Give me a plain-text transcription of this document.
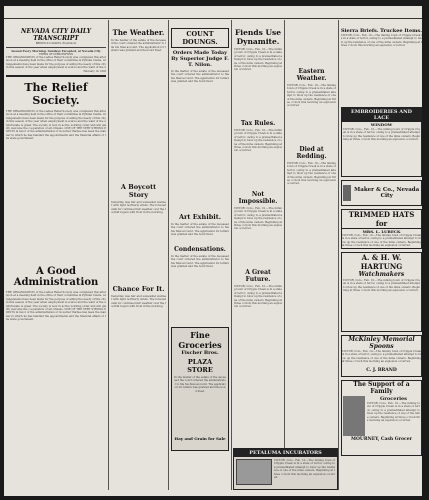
NEVADA CITY DAILY TRANSCRIPT
BROWN & CALKINS, Proprietors
Issued Every Morning, Sundays Excepted, at Nevada City
TERMS OF SUBSCRIPTION
THE ORGANIZATION of the Ladies Relief Society was completed this afternoon at a meeting held in the office of their committee in Pythian Castle. Arrangements have been made for the purpose of aiding the needy of this city in this season of the year when employment is scarce and the want of the u
February 10, 1903
The Relief Society.
THE ORGANIZATION of the Ladies Relief Society was completed this afternoon at a meeting held in the office of their committee in Pythian Castle. Arrangements have been made for the purpose of aiding the needy of this city in this season of the year when employment is scarce and the want of the unfortunate is great. The society is now in active working order and will gladly welcome the cooperation of all citizens. ONE OF THE VERY STRONG POINTS in favor of the administration of Governor Pardee has been the manner in which he has handled the appointments and the financial affairs of the state government.
A Good Administration
THE ORGANIZATION of the Ladies Relief Society was completed this afternoon at a meeting held in the office of their committee in Pythian Castle. Arrangements have been made for the purpose of aiding the needy of this city in this season of the year when employment is scarce and the want of the unfortunate is great. The society is now in active working order and will gladly welcome the cooperation of all citizens. ONE OF THE VERY STRONG POINTS in favor of the administration of Governor Pardee has been the manner in which he has handled the appointments and the financial affairs of the state government.
The Weather.
In the matter of the estate of the deceased the court ordered the administrator to file his final account. The application for letters was granted and the bond fixed.
A Boycott Story
Yesterday was fair and somewhat warmer with light northerly winds. The forecast calls for continued fair weather over the foothill region with frost in the morning.
Chance For It.
Yesterday was fair and somewhat warmer with light northerly winds. The forecast calls for continued fair weather over the foothill region with frost in the morning.
COUNT DOUNGS.
Orders Made Today By Superior Judge F. T. Nilon.
In the matter of the estate of the deceased the court ordered the administrator to file his final account. The application for letters was granted and the bond fixed.
Art Exhibit.
In the matter of the estate of the deceased the court ordered the administrator to file his final account. The application for letters was granted and the bond fixed.
Condensations.
In the matter of the estate of the deceased the court ordered the administrator to file his final account. The application for letters was granted and the bond fixed.
Fine Groceries
Fischer Bros.
PLAZA STORE
In the matter of the estate of the deceased the court ordered the administrator to file his final account. The application for letters was granted and the bond fixed.
Hay and Grain for Sale
Fiends Use Dynamite.
VICTOR, Colo., Feb. 10.—The mining town of Cripple Creek is in a state of terror, owing to a premeditated attempt to blow up the residence of one of the mine owners. Beginning at three o'clock this morning an explosion occurred.
Tax Rules.
VICTOR, Colo., Feb. 10.—The mining town of Cripple Creek is in a state of terror, owing to a premeditated attempt to blow up the residence of one of the mine owners. Beginning at three o'clock this morning an explosion occurred.
Not Impossible.
VICTOR, Colo., Feb. 10.—The mining town of Cripple Creek is in a state of terror, owing to a premeditated attempt to blow up the residence of one of the mine owners. Beginning at three o'clock this morning an explosion occurred.
A Great Future.
VICTOR, Colo., Feb. 10.—The mining town of Cripple Creek is in a state of terror, owing to a premeditated attempt to blow up the residence of one of the mine owners. Beginning at three o'clock this morning an explosion occurred.
PETALUMA INCUBATORS
VICTOR, Colo., Feb. 10.—The mining town of Cripple Creek is in a state of terror, owing to a premeditated attempt to blow up the residence of one of the mine owners. Beginning at three o'clock this morning an explosion occurred.
Eastern Weather.
VICTOR, Colo., Feb. 10.—The mining town of Cripple Creek is in a state of terror, owing to a premeditated attempt to blow up the residence of one of the mine owners. Beginning at three o'clock this morning an explosion occurred.
Died at Redding.
VICTOR, Colo., Feb. 10.—The mining town of Cripple Creek is in a state of terror, owing to a premeditated attempt to blow up the residence of one of the mine owners. Beginning at three o'clock this morning an explosion occurred.
Sierra Briefs. Truckee Items.
VICTOR, Colo., Feb. 10.—The mining town of Cripple Creek is in a state of terror, owing to a premeditated attempt to blow up the residence of one of the mine owners. Beginning at three o'clock this morning an explosion occurred.
EMBROIDERIES AND LACE
WINDOW
VICTOR, Colo., Feb. 10.—The mining town of Cripple Creek is in a state of terror, owing to a premeditated attempt to blow up the residence of one of the mine owners. Beginning at three o'clock this morning an explosion occurred.
Maker & Co., Nevada City
TRIMMED HATS for
MRS. L. LUBECK
VICTOR, Colo., Feb. 10.—The mining town of Cripple Creek is in a state of terror, owing to a premeditated attempt to blow up the residence of one of the mine owners. Beginning at three o'clock this morning an explosion occurred.
A. & H. W. HARTUNG
Watchmakers
VICTOR, Colo., Feb. 10.—The mining town of Cripple Creek is in a state of terror, owing to a premeditated attempt to blow up the residence of one of the mine owners. Beginning at three o'clock this morning an explosion occurred.
McKinley Memorial Spoons
VICTOR, Colo., Feb. 10.—The mining town of Cripple Creek is in a state of terror, owing to a premeditated attempt to blow up the residence of one of the mine owners. Beginning at three o'clock this morning an explosion occurred.
C. J. BRAND
The Support of a Family
Groceries
VICTOR, Colo., Feb. 10.—The mining town of Cripple Creek is in a state of terror, owing to a premeditated attempt to blow up the residence of one of the mine owners. Beginning at three o'clock this morning an explosion occurred.
MOURNEY, Cash Grocer
